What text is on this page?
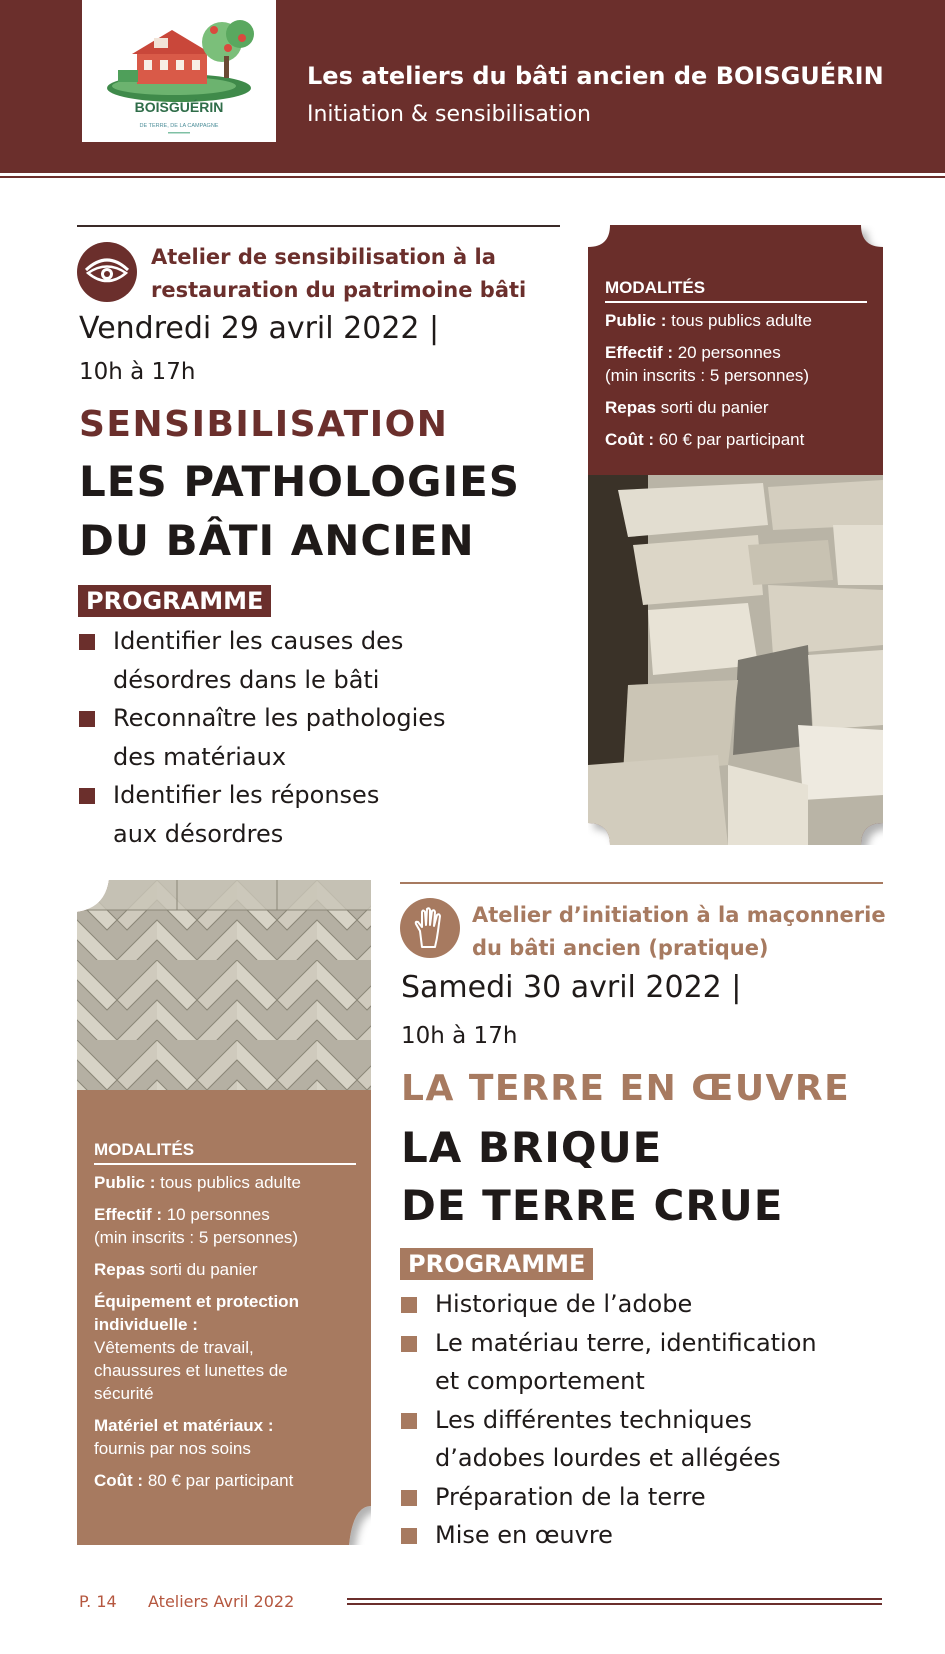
BOISGUÉRIN
DE TERRE, DE LA CAMPAGNE
Les ateliers du bâti ancien de BOISGUÉRIN
Initiation & sensibilisation
Atelier de sensibilisation à la
restauration du patrimoine bâti
Vendredi 29 avril 2022 |
10h à 17h
SENSIBILISATION
LES PATHOLOGIES
DU BÂTI ANCIEN
PROGRAMME
Identifier les causes des
désordres dans le bâti
Reconnaître les pathologies
des matériaux
Identifier les réponses
aux désordres
MODALITÉS
Public : tous publics adulte
Effectif : 20 personnes
(min inscrits : 5 personnes)
Repas sorti du panier
Coût : 60 € par participant
MODALITÉS
Public : tous publics adulte
Effectif : 10 personnes
(min inscrits : 5 personnes)
Repas sorti du panier
Équipement et protection
individuelle :
Vêtements de travail,
chaussures et lunettes de
sécurité
Matériel et matériaux :
fournis par nos soins
Coût : 80 € par participant
Atelier d’initiation à la maçonnerie
du bâti ancien (pratique)
Samedi 30 avril 2022 |
10h à 17h
LA TERRE EN ŒUVRE
LA BRIQUE
DE TERRE CRUE
PROGRAMME
Historique de l’adobe
Le matériau terre, identification
et comportement
Les différentes techniques
d’adobes lourdes et allégées
Préparation de la terre
Mise en œuvre
P. 14 Ateliers Avril 2022
